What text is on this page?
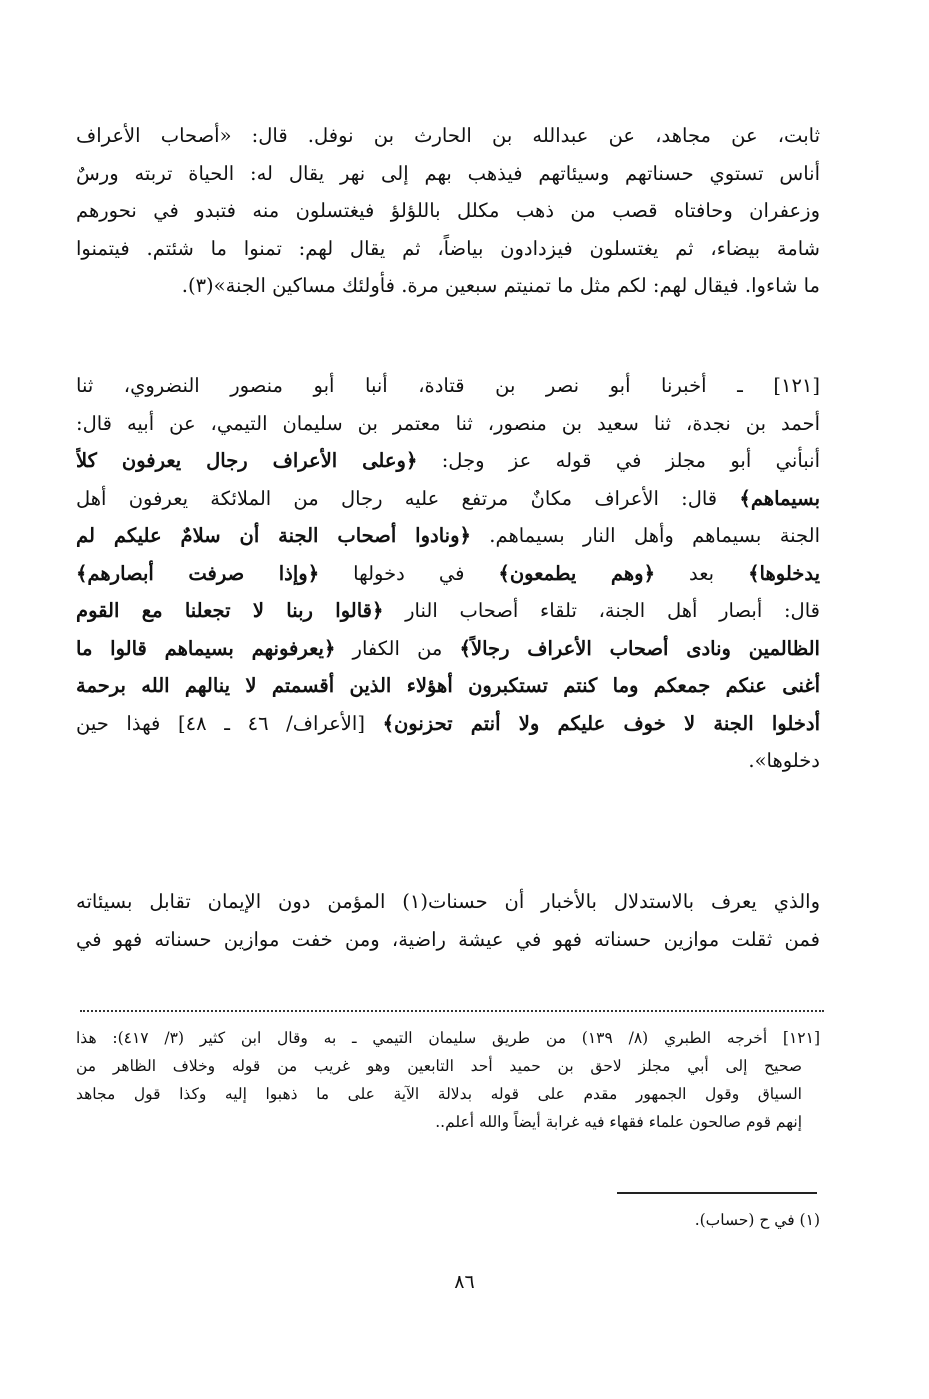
ثابت، عن مجاهد، عن عبدالله بن الحارث بن نوفل. قال: «أصحاب الأعراف
أناس تستوي حسناتهم وسيئاتهم فيذهب بهم إلى نهر يقال له: الحياة تربته ورسٌ
وزعفران وحافتاه قصب من ذهب مكلل باللؤلؤ فيغتسلون منه فتبدو في نحورهم
شامة بيضاء، ثم يغتسلون فيزدادون بياضاً، ثم يقال لهم: تمنوا ما شئتم. فيتمنوا
ما شاءوا. فيقال لهم: لكم مثل ما تمنيتم سبعين مرة. فأولئك مساكين الجنة»(٣).
[١٢١] ـ أخبرنا أبو نصر بن قتادة، أنبا أبو منصور النضروي، ثنا
أحمد بن نجدة، ثنا سعيد بن منصور، ثنا معتمر بن سليمان التيمي، عن أبيه قال:
أنبأني أبو مجلز في قوله عز وجل: ﴿وعلى الأعراف رجال يعرفون كلاً
بسيماهم﴾ قال: الأعراف مكانٌ مرتفع عليه رجال من الملائكة يعرفون أهل
الجنة بسيماهم وأهل النار بسيماهم. ﴿ونادوا أصحاب الجنة أن سلامٌ عليكم لم
يدخلوها﴾ بعد ﴿وهم يطمعون﴾ في دخولها ﴿وإذا صرفت أبصارهم﴾
قال: أبصار أهل الجنة، تلقاء أصحاب النار ﴿قالوا ربنا لا تجعلنا مع القوم
الظالمين ونادى أصحاب الأعراف رجالاً﴾ من الكفار ﴿يعرفونهم بسيماهم قالوا ما
أغنى عنكم جمعكم وما كنتم تستكبرون أهؤلاء الذين أقسمتم لا ينالهم الله برحمة
أدخلوا الجنة لا خوف عليكم ولا أنتم تحزنون﴾ [الأعراف/ ٤٦ ـ ٤٨] فهذا حين
دخلوها».
والذي يعرف بالاستدلال بالأخبار أن حسنات(١) المؤمن دون الإيمان تقابل بسيئاته
فمن ثقلت موازين حسناته فهو في عيشة راضية، ومن خفت موازين حسناته فهو في
[١٢١] أخرجه الطبري (٨/ ١٣٩) من طريق سليمان التيمي ـ به وقال ابن كثير (٣/ ٤١٧): هذا
صحيح إلى أبي مجلز لاحق بن حميد أحد التابعين وهو غريب من قوله وخلاف الظاهر من
السياق وقول الجمهور مقدم على قوله بدلالة الآية على ما ذهبوا إليه وكذا قول مجاهد
إنهم قوم صالحون علماء فقهاء فيه غرابة أيضاً والله أعلم..
(١) في ح (حساب).
٨٦
